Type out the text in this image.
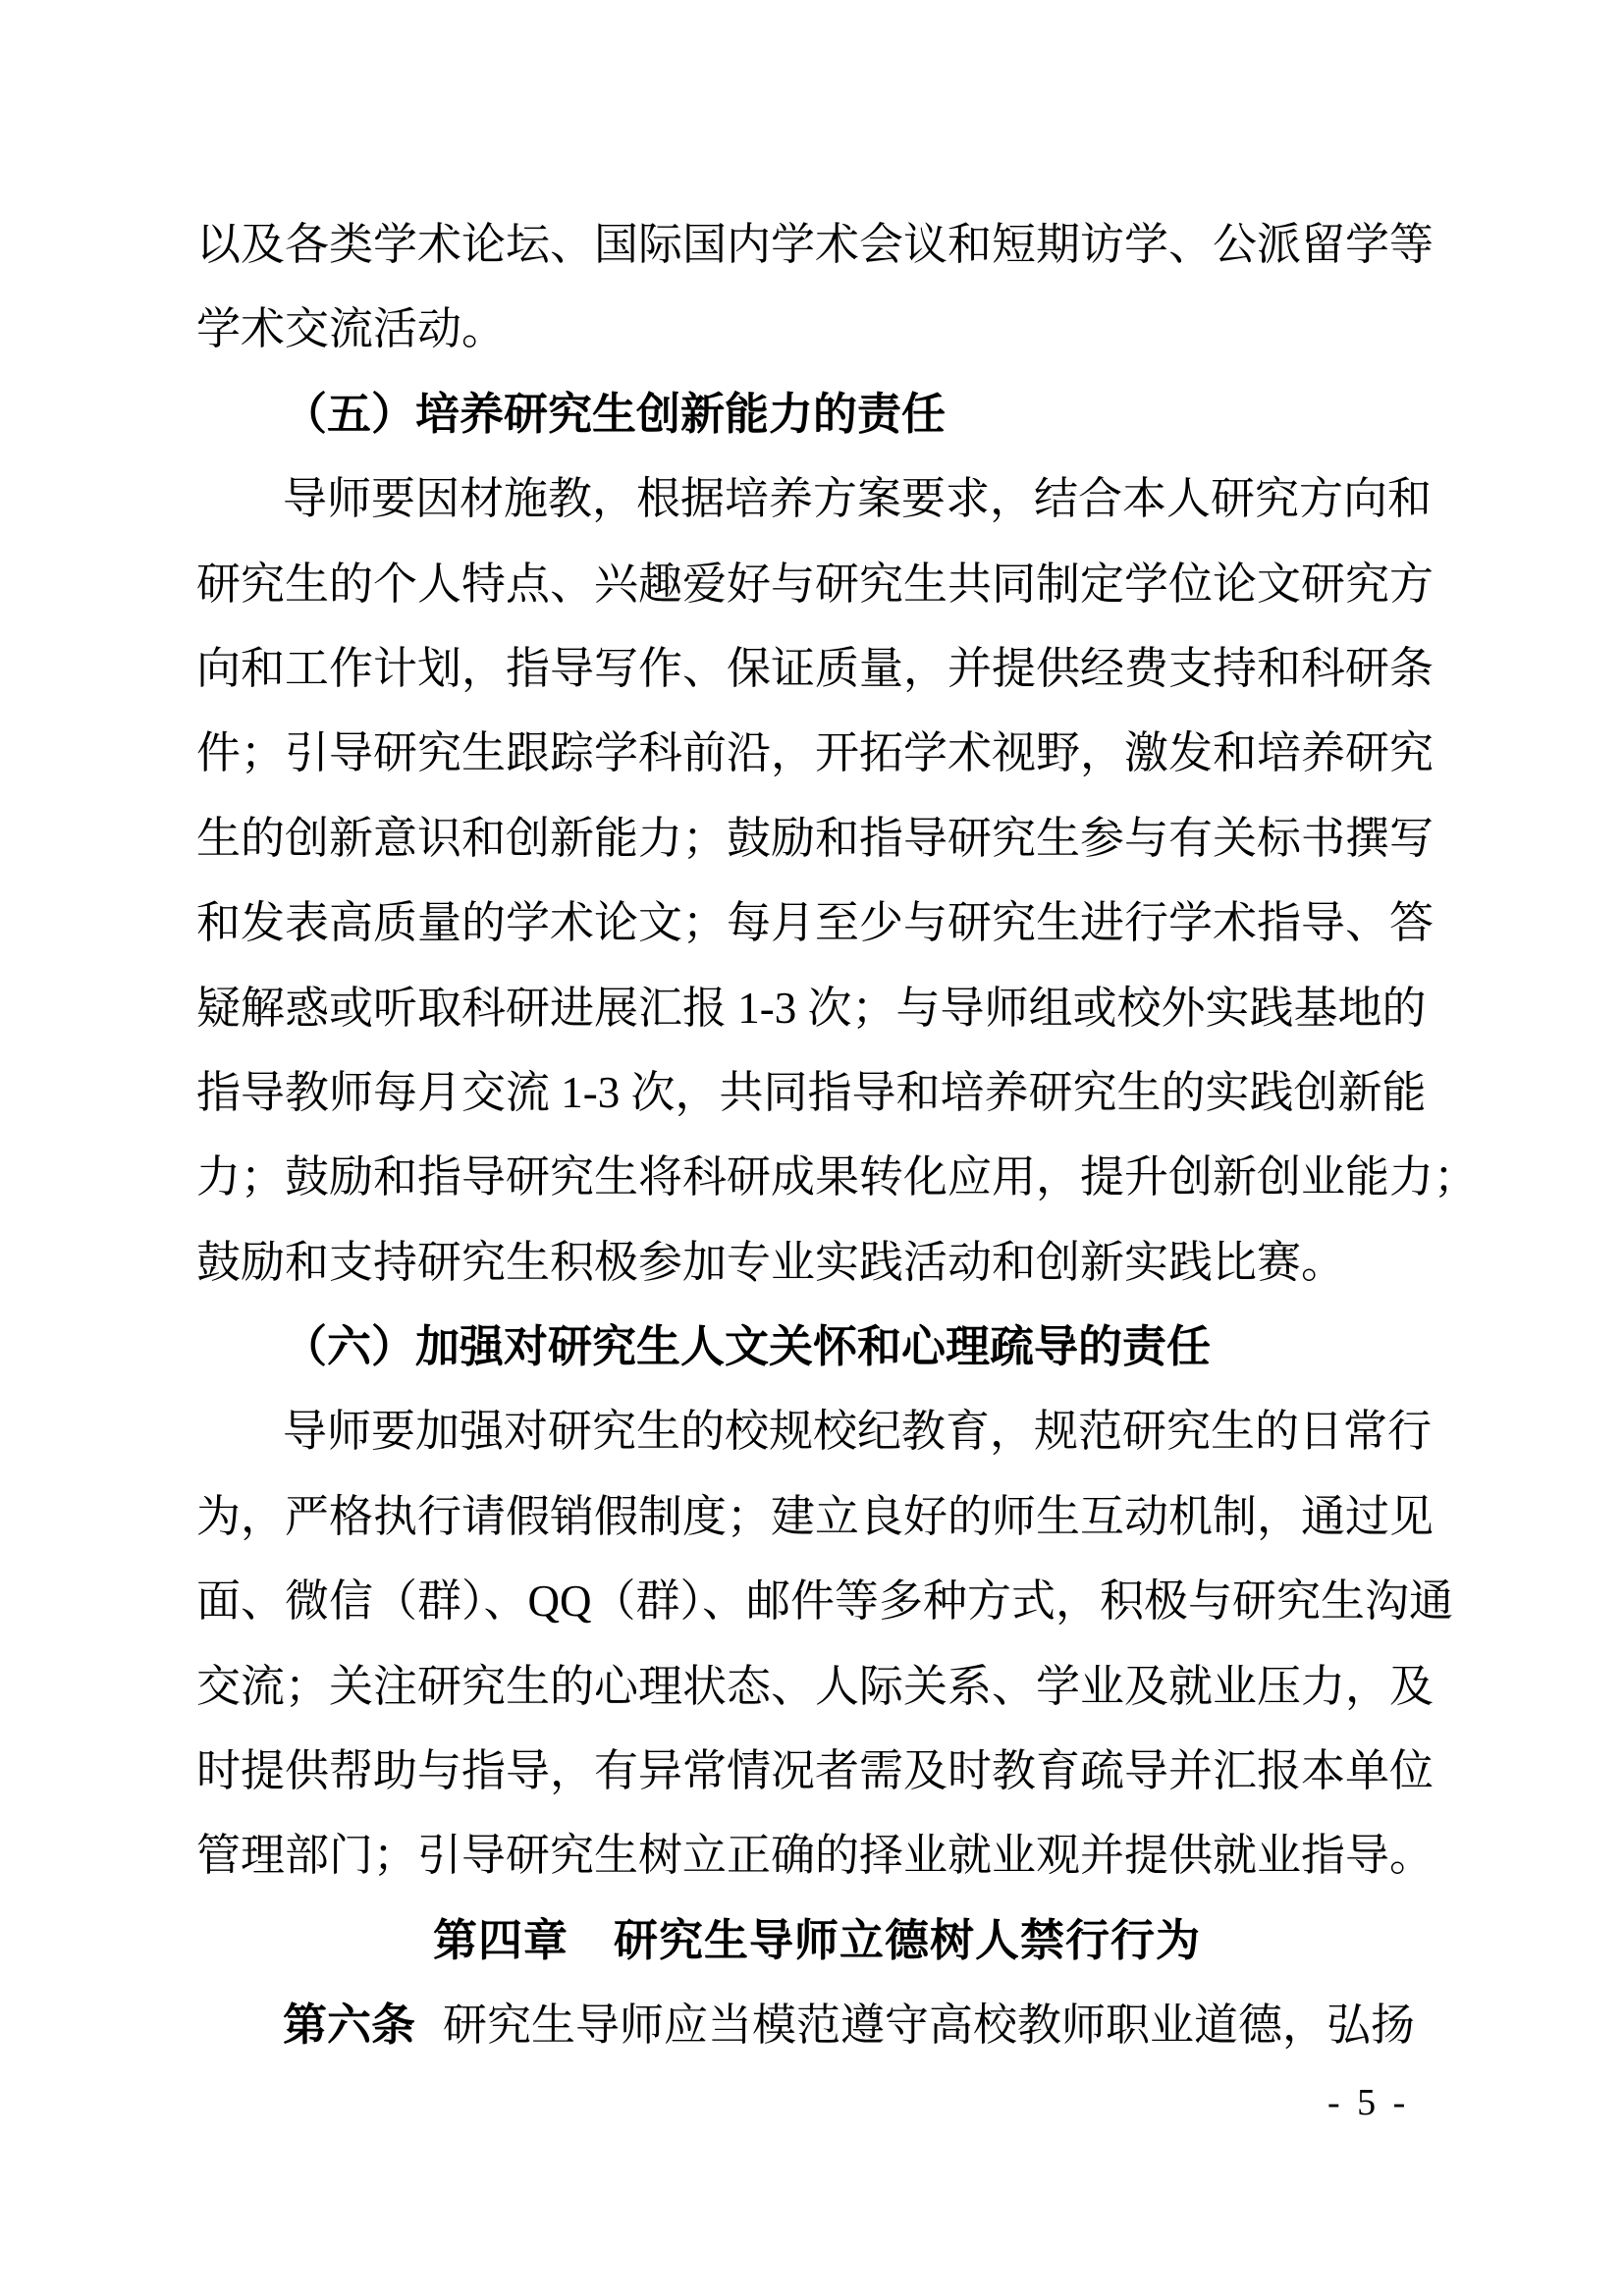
以及各类学术论坛、国际国内学术会议和短期访学、公派留学等
学术交流活动。
（五）培养研究生创新能力的责任
导师要因材施教，根据培养方案要求，结合本人研究方向和
研究生的个人特点、兴趣爱好与研究生共同制定学位论文研究方
向和工作计划，指导写作、保证质量，并提供经费支持和科研条
件；引导研究生跟踪学科前沿，开拓学术视野，激发和培养研究
生的创新意识和创新能力；鼓励和指导研究生参与有关标书撰写
和发表高质量的学术论文；每月至少与研究生进行学术指导、答
疑解惑或听取科研进展汇报 1-3 次；与导师组或校外实践基地的
指导教师每月交流 1-3 次，共同指导和培养研究生的实践创新能
力；鼓励和指导研究生将科研成果转化应用，提升创新创业能力；
鼓励和支持研究生积极参加专业实践活动和创新实践比赛。
（六）加强对研究生人文关怀和心理疏导的责任
导师要加强对研究生的校规校纪教育，规范研究生的日常行
为，严格执行请假销假制度；建立良好的师生互动机制，通过见
面、微信（群）、QQ（群）、邮件等多种方式，积极与研究生沟通
交流；关注研究生的心理状态、人际关系、学业及就业压力，及
时提供帮助与指导，有异常情况者需及时教育疏导并汇报本单位
管理部门；引导研究生树立正确的择业就业观并提供就业指导。
第四章　研究生导师立德树人禁行行为
第六条 研究生导师应当模范遵守高校教师职业道德，弘扬
- 5 -
